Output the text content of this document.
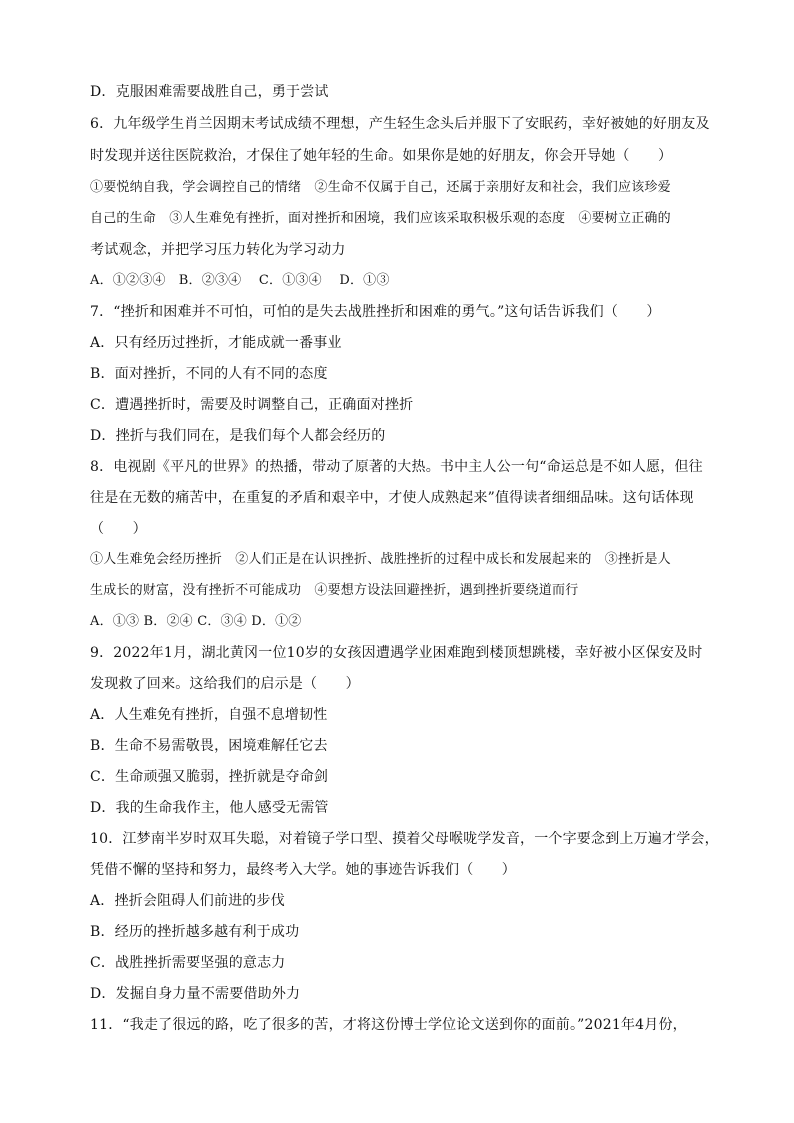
D．克服困难需要战胜自己，勇于尝试
6．九年级学生肖兰因期末考试成绩不理想，产生轻生念头后并服下了安眠药，幸好被她的好朋友及
时发现并送往医院救治，才保住了她年轻的生命。如果你是她的好朋友，你会开导她（　　）
①要悦纳自我，学会调控自己的情绪　②生命不仅属于自己，还属于亲朋好友和社会，我们应该珍爱
自己的生命　③人生难免有挫折，面对挫折和困境，我们应该采取积极乐观的态度　④要树立正确的
考试观念，并把学习压力转化为学习动力
A．①②③④　B．②③④　 C．①③④　 D．①③
7．“挫折和困难并不可怕，可怕的是失去战胜挫折和困难的勇气。”这句话告诉我们（　　）
A．只有经历过挫折，才能成就一番事业
B．面对挫折，不同的人有不同的态度
C．遭遇挫折时，需要及时调整自己，正确面对挫折
D．挫折与我们同在，是我们每个人都会经历的
8．电视剧《平凡的世界》的热播，带动了原著的大热。书中主人公一句“命运总是不如人愿，但往
往是在无数的痛苦中，在重复的矛盾和艰辛中，才使人成熟起来”值得读者细细品味。这句话体现
（　　）
①人生难免会经历挫折　②人们正是在认识挫折、战胜挫折的过程中成长和发展起来的　③挫折是人
生成长的财富，没有挫折不可能成功　④要想方设法回避挫折，遇到挫折要绕道而行
A．①③ B．②④ C．③④ D．①②
9．2022年1月，湖北黄冈一位10岁的女孩因遭遇学业困难跑到楼顶想跳楼，幸好被小区保安及时
发现救了回来。这给我们的启示是（　　）
A．人生难免有挫折，自强不息增韧性
B．生命不易需敬畏，困境难解任它去
C．生命顽强又脆弱，挫折就是夺命剑
D．我的生命我作主，他人感受无需管
10．江梦南半岁时双耳失聪，对着镜子学口型、摸着父母喉咙学发音，一个字要念到上万遍才学会，
凭借不懈的坚持和努力，最终考入大学。她的事迹告诉我们（　　）
A．挫折会阻碍人们前进的步伐
B．经历的挫折越多越有利于成功
C．战胜挫折需要坚强的意志力
D．发掘自身力量不需要借助外力
11．“我走了很远的路，吃了很多的苦，才将这份博士学位论文送到你的面前。”2021年4月份，
